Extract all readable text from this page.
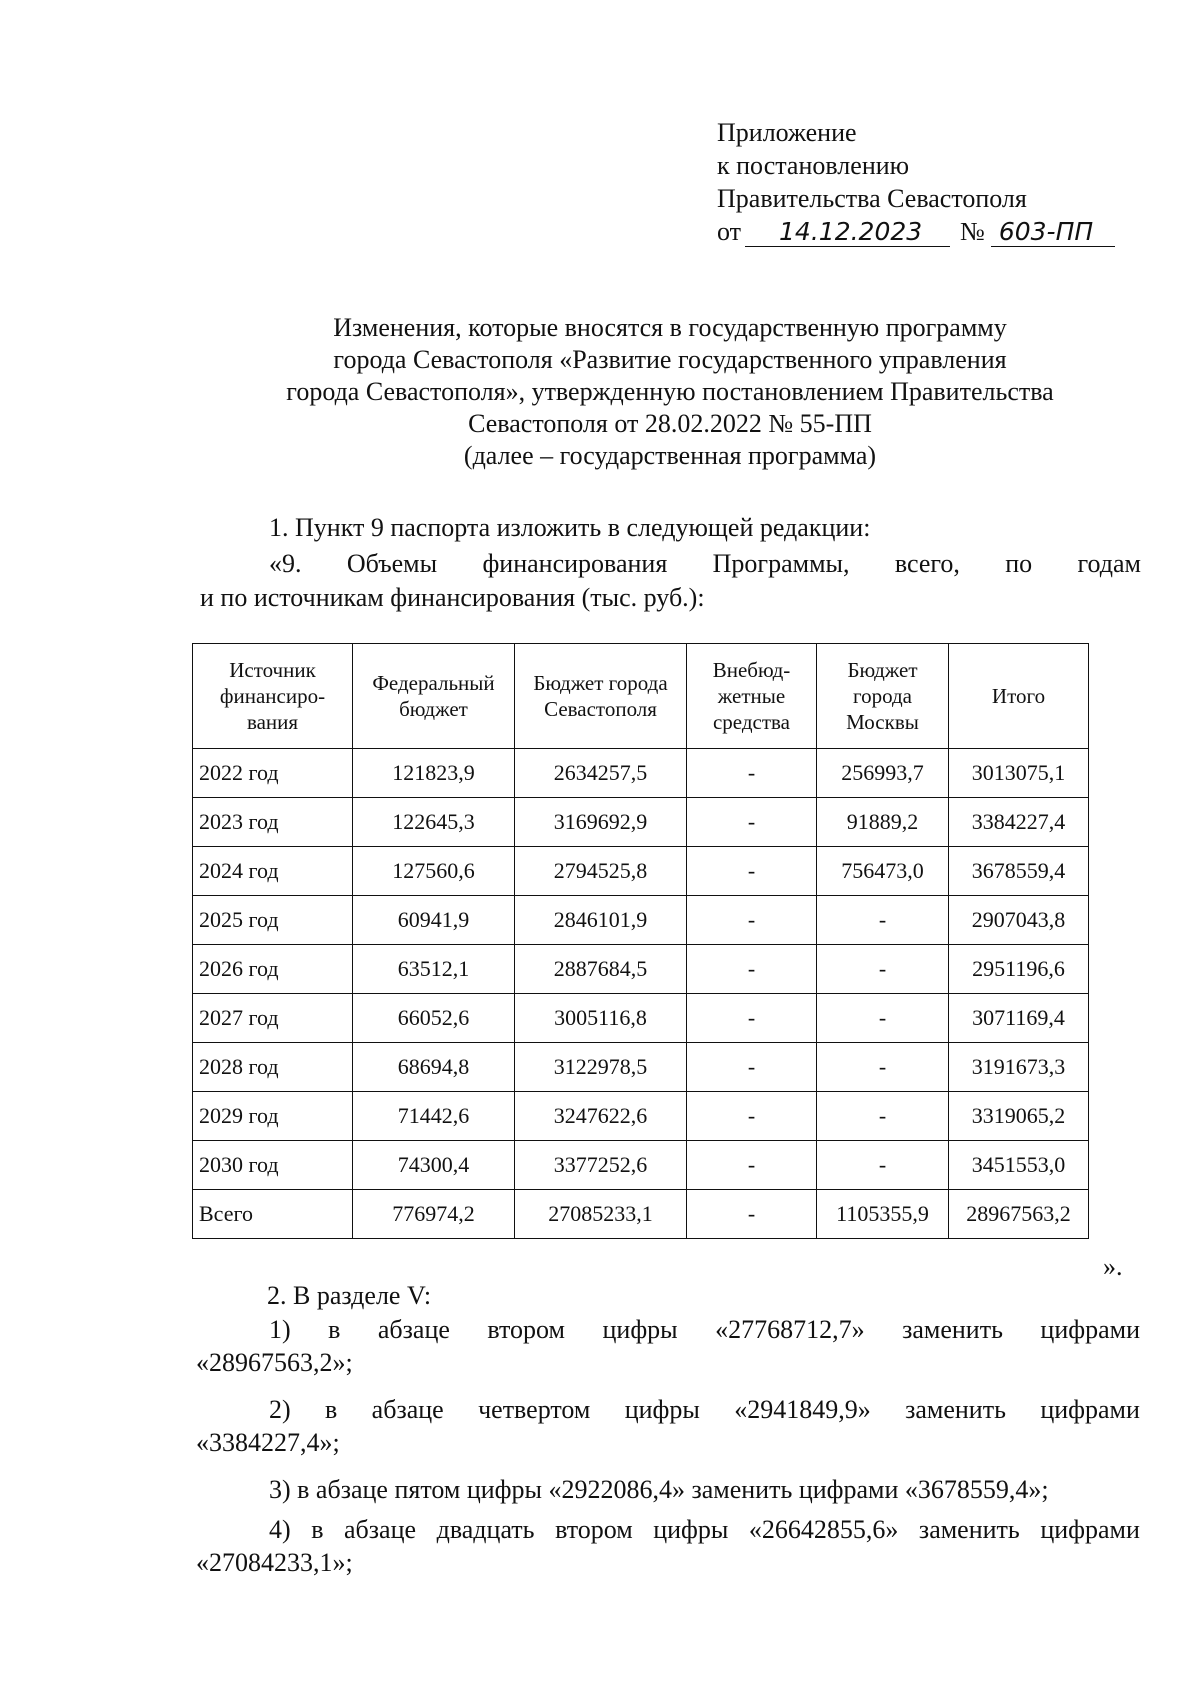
Приложение
к постановлению
Правительства Севастополя
от 14.12.2023 № 603-ПП
Изменения, которые вносятся в государственную программу
города Севастополя «Развитие государственного управления
города Севастополя», утвержденную постановлением Правительства
Севастополя от 28.02.2022 № 55-ПП
(далее – государственная программа)
1. Пункт 9 паспорта изложить в следующей редакции:
«9. Объемы финансирования Программы, всего, по годам
и по источникам финансирования (тыс. руб.):
Источник финансиро-вания	Федеральный бюджет	Бюджет города Севастополя	Внебюд-жетные средства	Бюджет города Москвы	Итого
2022 год	121823,9	2634257,5	-	256993,7	3013075,1
2023 год	122645,3	3169692,9	-	91889,2	3384227,4
2024 год	127560,6	2794525,8	-	756473,0	3678559,4
2025 год	60941,9	2846101,9	-	-	2907043,8
2026 год	63512,1	2887684,5	-	-	2951196,6
2027 год	66052,6	3005116,8	-	-	3071169,4
2028 год	68694,8	3122978,5	-	-	3191673,3
2029 год	71442,6	3247622,6	-	-	3319065,2
2030 год	74300,4	3377252,6	-	-	3451553,0
Всего	776974,2	27085233,1	-	1105355,9	28967563,2
».
2. В разделе V:
1) в абзаце втором цифры «27768712,7» заменить цифрами
«28967563,2»;
2) в абзаце четвертом цифры «2941849,9» заменить цифрами
«3384227,4»;
3) в абзаце пятом цифры «2922086,4» заменить цифрами «3678559,4»;
4) в абзаце двадцать втором цифры «26642855,6» заменить цифрами
«27084233,1»;
